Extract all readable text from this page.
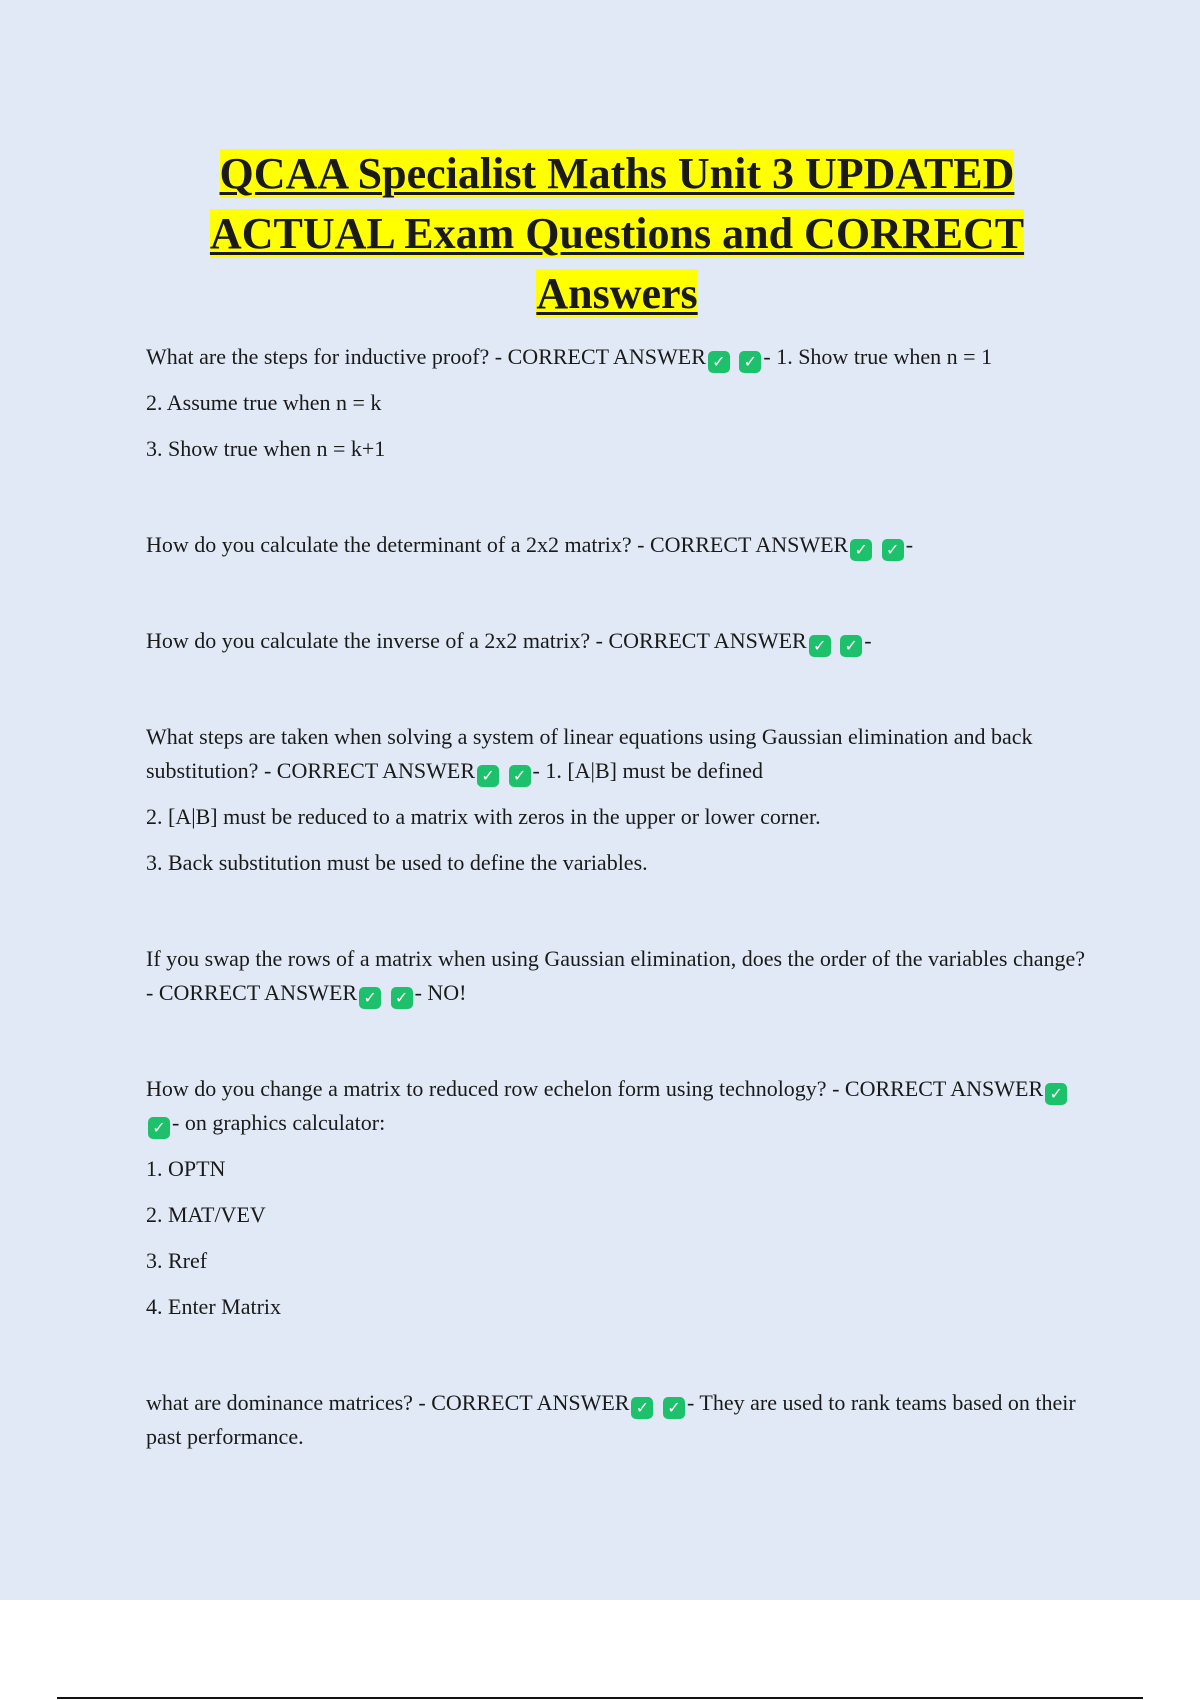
QCAA Specialist Maths Unit 3 UPDATED ACTUAL Exam Questions and CORRECT Answers

What are the steps for inductive proof? - CORRECT ANSWER ✓ ✓ - 1. Show true when n = 1

2. Assume true when n = k

3. Show true when n = k+1

How do you calculate the determinant of a 2x2 matrix? - CORRECT ANSWER ✓ ✓ -

How do you calculate the inverse of a 2x2 matrix? - CORRECT ANSWER ✓ ✓ -

What steps are taken when solving a system of linear equations using Gaussian elimination and back substitution? - CORRECT ANSWER ✓ ✓ - 1. [A|B] must be defined

2. [A|B] must be reduced to a matrix with zeros in the upper or lower corner.

3. Back substitution must be used to define the variables.

If you swap the rows of a matrix when using Gaussian elimination, does the order of the variables change? - CORRECT ANSWER ✓ ✓ - NO!

How do you change a matrix to reduced row echelon form using technology? - CORRECT ANSWER ✓ ✓ - on graphics calculator:

1. OPTN

2. MAT/VEV

3. Rref

4. Enter Matrix

what are dominance matrices? - CORRECT ANSWER ✓ ✓ - They are used to rank teams based on their past performance.
